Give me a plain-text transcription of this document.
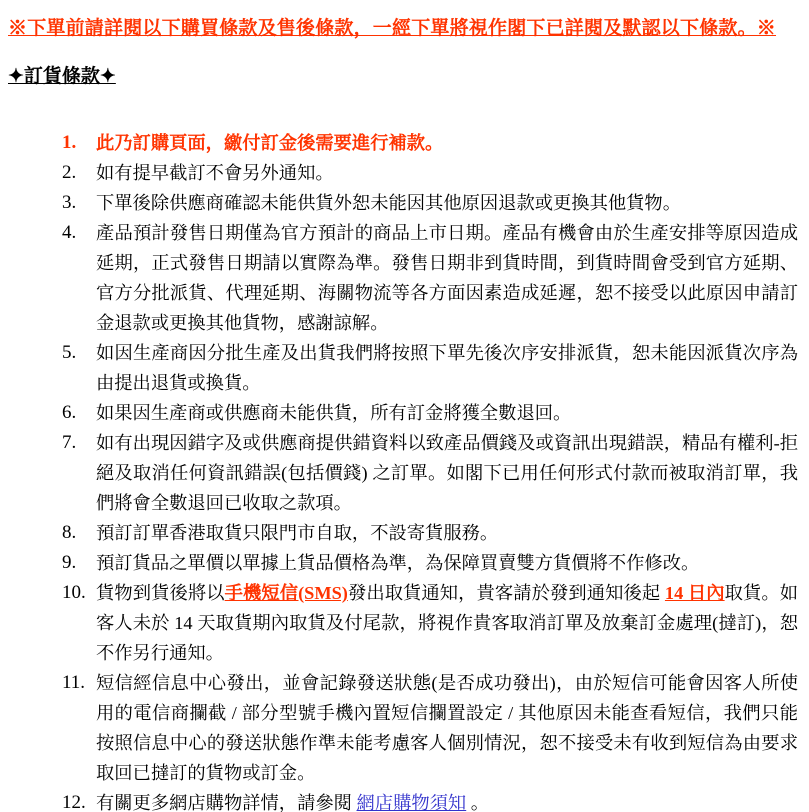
※下單前請詳閱以下購買條款及售後條款，一經下單將視作閣下已詳閱及默認以下條款。※

✦訂貨條款✦
1. 此乃訂購頁面，繳付訂金後需要進行補款。
2. 如有提早截訂不會另外通知。
3. 下單後除供應商確認未能供貨外恕未能因其他原因退款或更換其他貨物。
4. 產品預計發售日期僅為官方預計的商品上市日期。產品有機會由於生產安排等原因造成延期，正式發售日期請以實際為準。發售日期非到貨時間，到貨時間會受到官方延期、官方分批派貨、代理延期、海關物流等各方面因素造成延遲，恕不接受以此原因申請訂金退款或更換其他貨物，感謝諒解。
5. 如因生產商因分批生產及出貨我們將按照下單先後次序安排派貨，恕未能因派貨次序為由提出退貨或換貨。
6. 如果因生產商或供應商未能供貨，所有訂金將獲全數退回。
7. 如有出現因錯字及或供應商提供錯資料以致產品價錢及或資訊出現錯誤，精品有權利-拒絕及取消任何資訊錯誤(包括價錢) 之訂單。如閣下已用任何形式付款而被取消訂單，我們將會全數退回已收取之款項。
8. 預訂訂單香港取貨只限門市自取，不設寄貨服務。
9. 預訂貨品之單價以單據上貨品價格為準，為保障買賣雙方貨價將不作修改。
10. 貨物到貨後將以手機短信(SMS)發出取貨通知，貴客請於發到通知後起 14 日內取貨。如客人未於 14 天取貨期內取貨及付尾款，將視作貴客取消訂單及放棄訂金處理(撻訂)，恕不作另行通知。
11. 短信經信息中心發出，並會記錄發送狀態(是否成功發出)，由於短信可能會因客人所使用的電信商攔截 / 部分型號手機內置短信攔置設定 / 其他原因未能查看短信，我們只能按照信息中心的發送狀態作準未能考慮客人個別情況，恕不接受未有收到短信為由要求取回已撻訂的貨物或訂金。
12. 有關更多網店購物詳情，請參閱 網店購物須知 。
